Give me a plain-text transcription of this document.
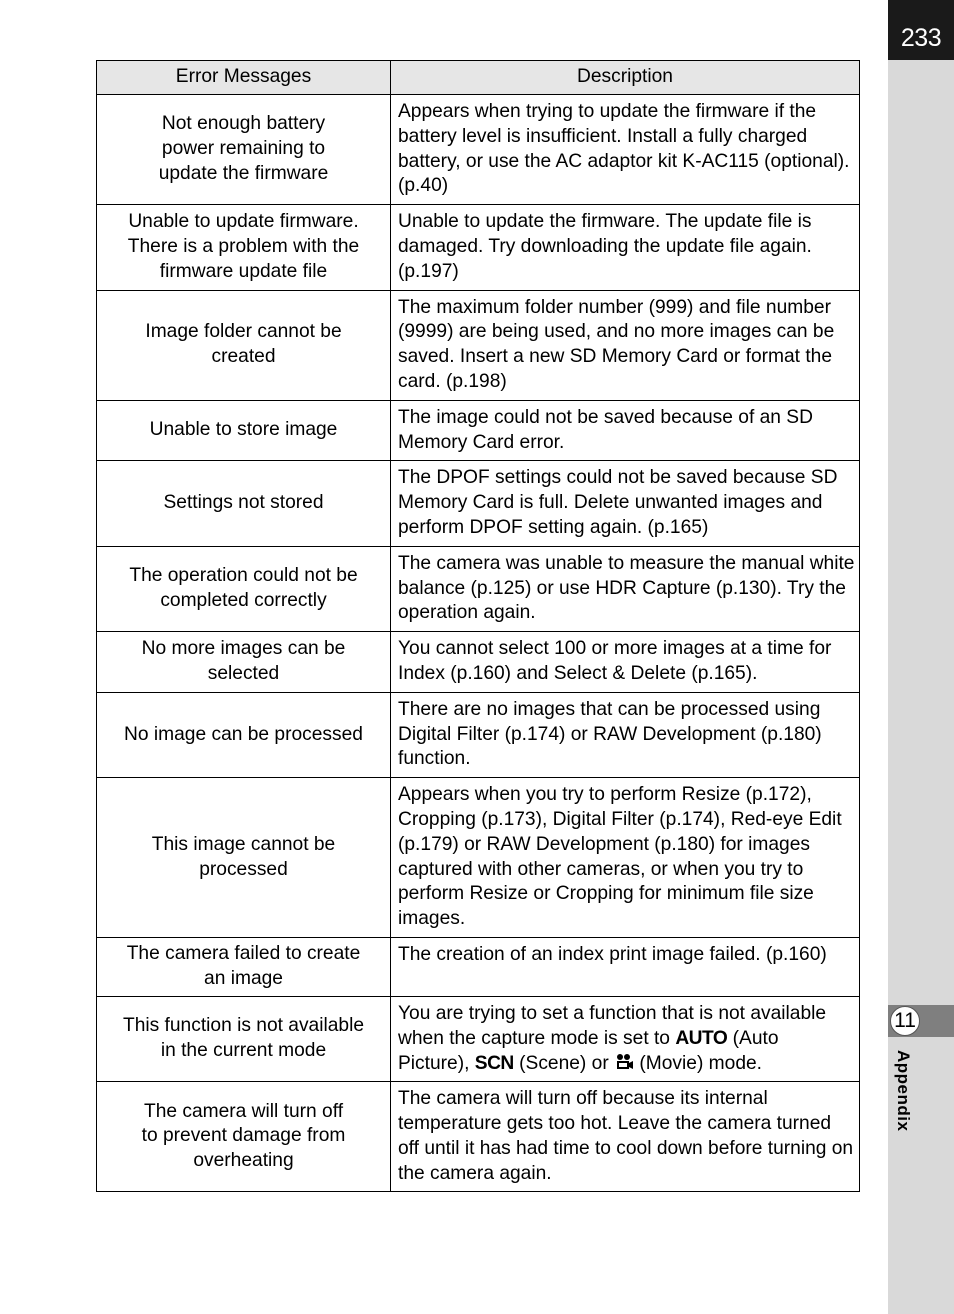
233
11
Appendix
Error Messages	Description
Not enough battery
power remaining to
update the firmware	Appears when trying to update the firmware if the battery level is insufficient. Install a fully charged battery, or use the AC adaptor kit K-AC115 (optional). (p.40)
Unable to update firmware.
There is a problem with the
firmware update file	Unable to update the firmware. The update file is damaged. Try downloading the update file again. (p.197)
Image folder cannot be
created	The maximum folder number (999) and file number (9999) are being used, and no more images can be saved. Insert a new SD Memory Card or format the card. (p.198)
Unable to store image	The image could not be saved because of an SD Memory Card error.
Settings not stored	The DPOF settings could not be saved because SD Memory Card is full. Delete unwanted images and perform DPOF setting again. (p.165)
The operation could not be
completed correctly	The camera was unable to measure the manual white balance (p.125) or use HDR Capture (p.130). Try the operation again.
No more images can be
selected	You cannot select 100 or more images at a time for Index (p.160) and Select & Delete (p.165).
No image can be processed	There are no images that can be processed using Digital Filter (p.174) or RAW Development (p.180) function.
This image cannot be
processed	Appears when you try to perform Resize (p.172), Cropping (p.173), Digital Filter (p.174), Red-eye Edit (p.179) or RAW Development (p.180) for images captured with other cameras, or when you try to perform Resize or Cropping for minimum file size images.
The camera failed to create
an image	The creation of an index print image failed. (p.160)
This function is not available
in the current mode	You are trying to set a function that is not available when the capture mode is set to AUTO (Auto Picture), SCN (Scene) or  (Movie) mode.
The camera will turn off
to prevent damage from
overheating	The camera will turn off because its internal temperature gets too hot. Leave the camera turned off until it has had time to cool down before turning on the camera again.
